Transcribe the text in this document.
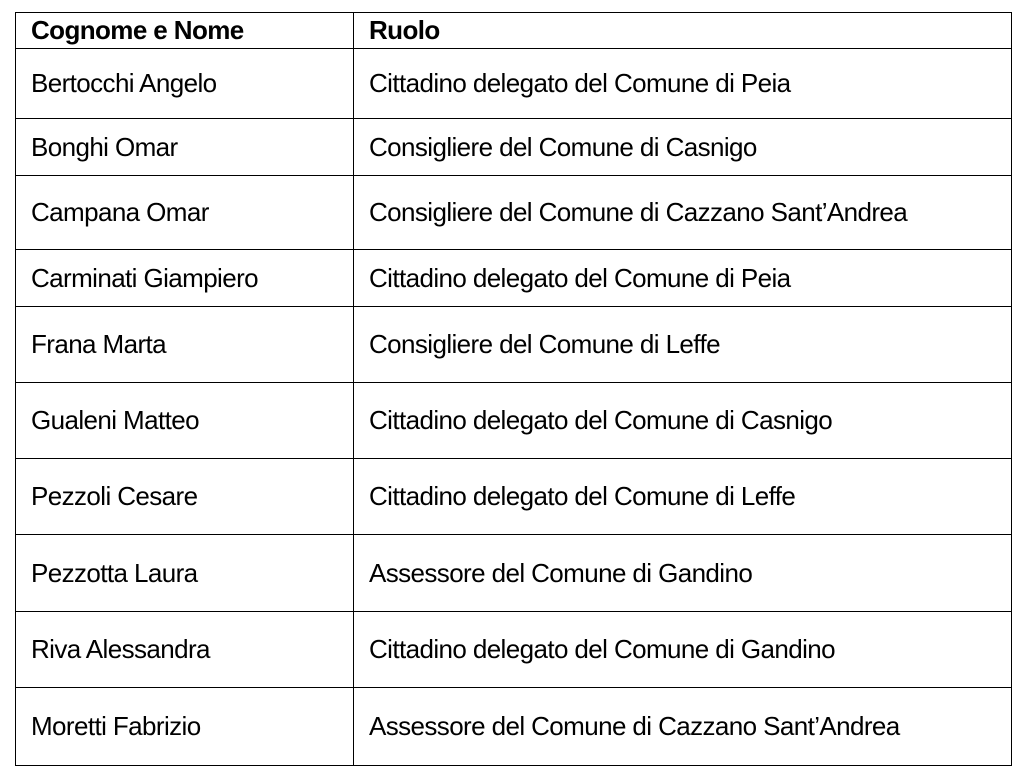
Cognome e Nome	Ruolo
Bertocchi Angelo	Cittadino delegato del Comune di Peia
Bonghi Omar	Consigliere del Comune di Casnigo
Campana Omar	Consigliere del Comune di Cazzano Sant’Andrea
Carminati Giampiero	Cittadino delegato del Comune di Peia
Frana Marta	Consigliere del Comune di Leffe
Gualeni Matteo	Cittadino delegato del Comune di Casnigo
Pezzoli Cesare	Cittadino delegato del Comune di Leffe
Pezzotta Laura	Assessore del Comune di Gandino
Riva Alessandra	Cittadino delegato del Comune di Gandino
Moretti Fabrizio	Assessore del Comune di Cazzano Sant’Andrea
